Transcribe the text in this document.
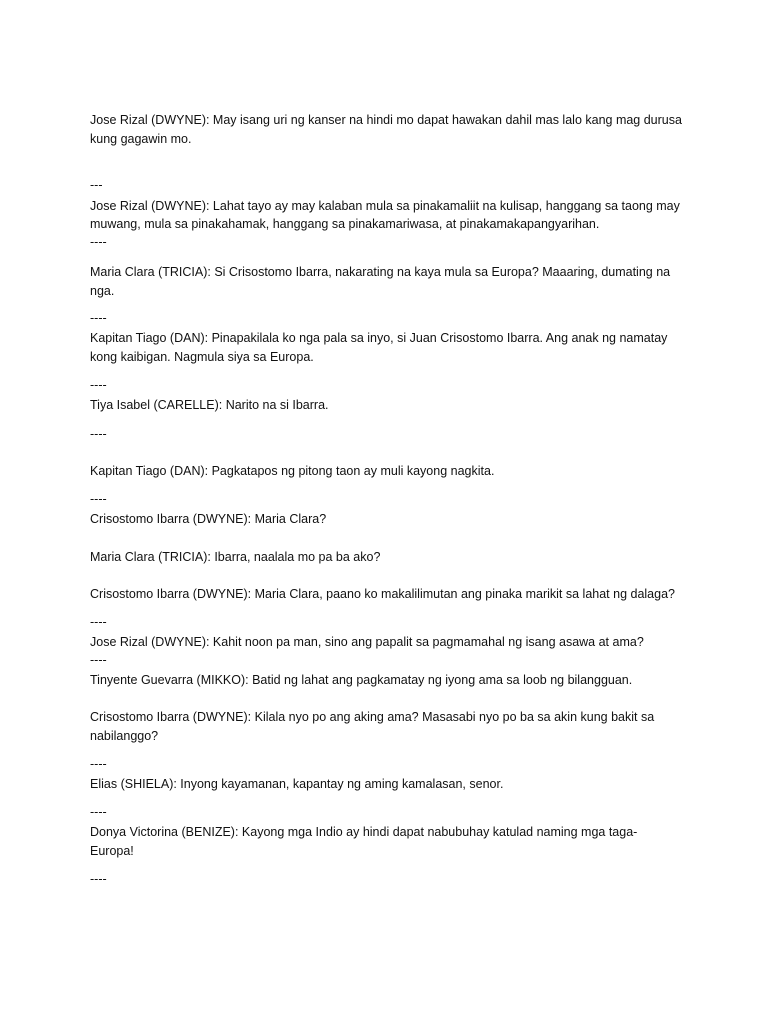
Jose Rizal (DWYNE): May isang uri ng kanser na hindi mo dapat hawakan dahil mas lalo kang mag durusa
kung gagawin mo.
---
Jose Rizal (DWYNE): Lahat tayo ay may kalaban mula sa pinakamaliit na kulisap, hanggang sa taong may
muwang, mula sa pinakahamak, hanggang sa pinakamariwasa, at pinakamakapangyarihan.
----
Maria Clara (TRICIA): Si Crisostomo Ibarra, nakarating na kaya mula sa Europa? Maaaring, dumating na
nga.
----
Kapitan Tiago (DAN): Pinapakilala ko nga pala sa inyo, si Juan Crisostomo Ibarra. Ang anak ng namatay
kong kaibigan. Nagmula siya sa Europa.
----
Tiya Isabel (CARELLE): Narito na si Ibarra.
----
Kapitan Tiago (DAN): Pagkatapos ng pitong taon ay muli kayong nagkita.
----
Crisostomo Ibarra (DWYNE): Maria Clara?
Maria Clara (TRICIA): Ibarra, naalala mo pa ba ako?
Crisostomo Ibarra (DWYNE): Maria Clara, paano ko makalilimutan ang pinaka marikit sa lahat ng dalaga?
----
Jose Rizal (DWYNE): Kahit noon pa man, sino ang papalit sa pagmamahal ng isang asawa at ama?
----
Tinyente Guevarra (MIKKO): Batid ng lahat ang pagkamatay ng iyong ama sa loob ng bilangguan.
Crisostomo Ibarra (DWYNE): Kilala nyo po ang aking ama? Masasabi nyo po ba sa akin kung bakit sa
nabilanggo?
----
Elias (SHIELA): Inyong kayamanan, kapantay ng aming kamalasan, senor.
----
Donya Victorina (BENIZE): Kayong mga Indio ay hindi dapat nabubuhay katulad naming mga taga-
Europa!
----
